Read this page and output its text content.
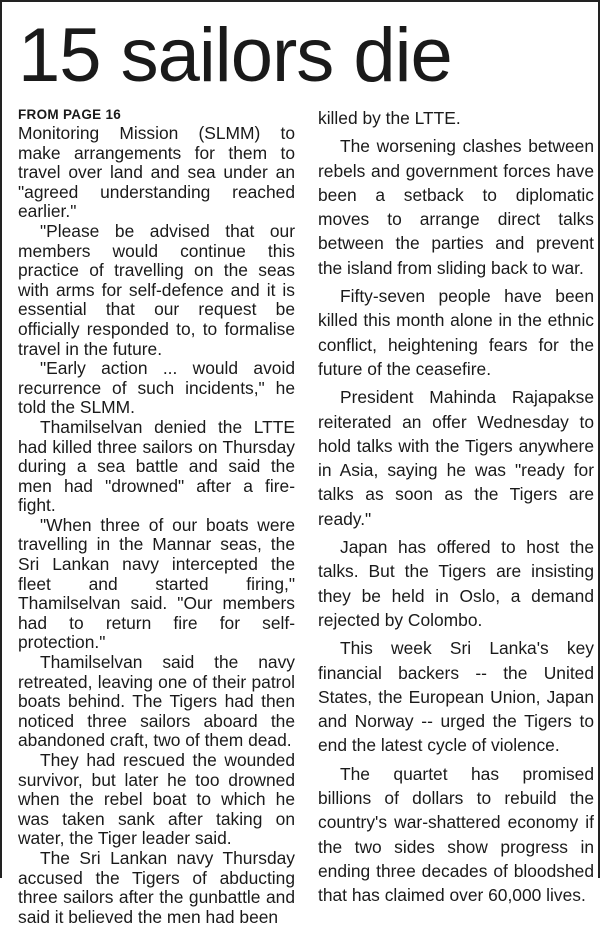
15 sailors die
FROM PAGE 16

Monitoring Mission (SLMM) to make arrangements for them to travel over land and sea under an "agreed understanding reached earlier."

"Please be advised that our members would continue this practice of travelling on the seas with arms for self-defence and it is essential that our request be officially responded to, to formalise travel in the future.

"Early action ... would avoid recurrence of such incidents," he told the SLMM.

Thamilselvan denied the LTTE had killed three sailors on Thursday during a sea battle and said the men had "drowned" after a fire-fight.

"When three of our boats were travelling in the Mannar seas, the Sri Lankan navy intercepted the fleet and started firing," Thamilselvan said. "Our members had to return fire for self-protection."

Thamilselvan said the navy retreated, leaving one of their patrol boats behind. The Tigers had then noticed three sailors aboard the abandoned craft, two of them dead.

They had rescued the wounded survivor, but later he too drowned when the rebel boat to which he was taken sank after taking on water, the Tiger leader said.

The Sri Lankan navy Thursday accused the Tigers of abducting three sailors after the gunbattle and said it believed the men had been

killed by the LTTE.

The worsening clashes between rebels and government forces have been a setback to diplomatic moves to arrange direct talks between the parties and prevent the island from sliding back to war.

Fifty-seven people have been killed this month alone in the ethnic conflict, heightening fears for the future of the ceasefire.

President Mahinda Rajapakse reiterated an offer Wednesday to hold talks with the Tigers anywhere in Asia, saying he was "ready for talks as soon as the Tigers are ready."

Japan has offered to host the talks. But the Tigers are insisting they be held in Oslo, a demand rejected by Colombo.

This week Sri Lanka's key financial backers -- the United States, the European Union, Japan and Norway -- urged the Tigers to end the latest cycle of violence.

The quartet has promised billions of dollars to rebuild the country's war-shattered economy if the two sides show progress in ending three decades of bloodshed that has claimed over 60,000 lives.
